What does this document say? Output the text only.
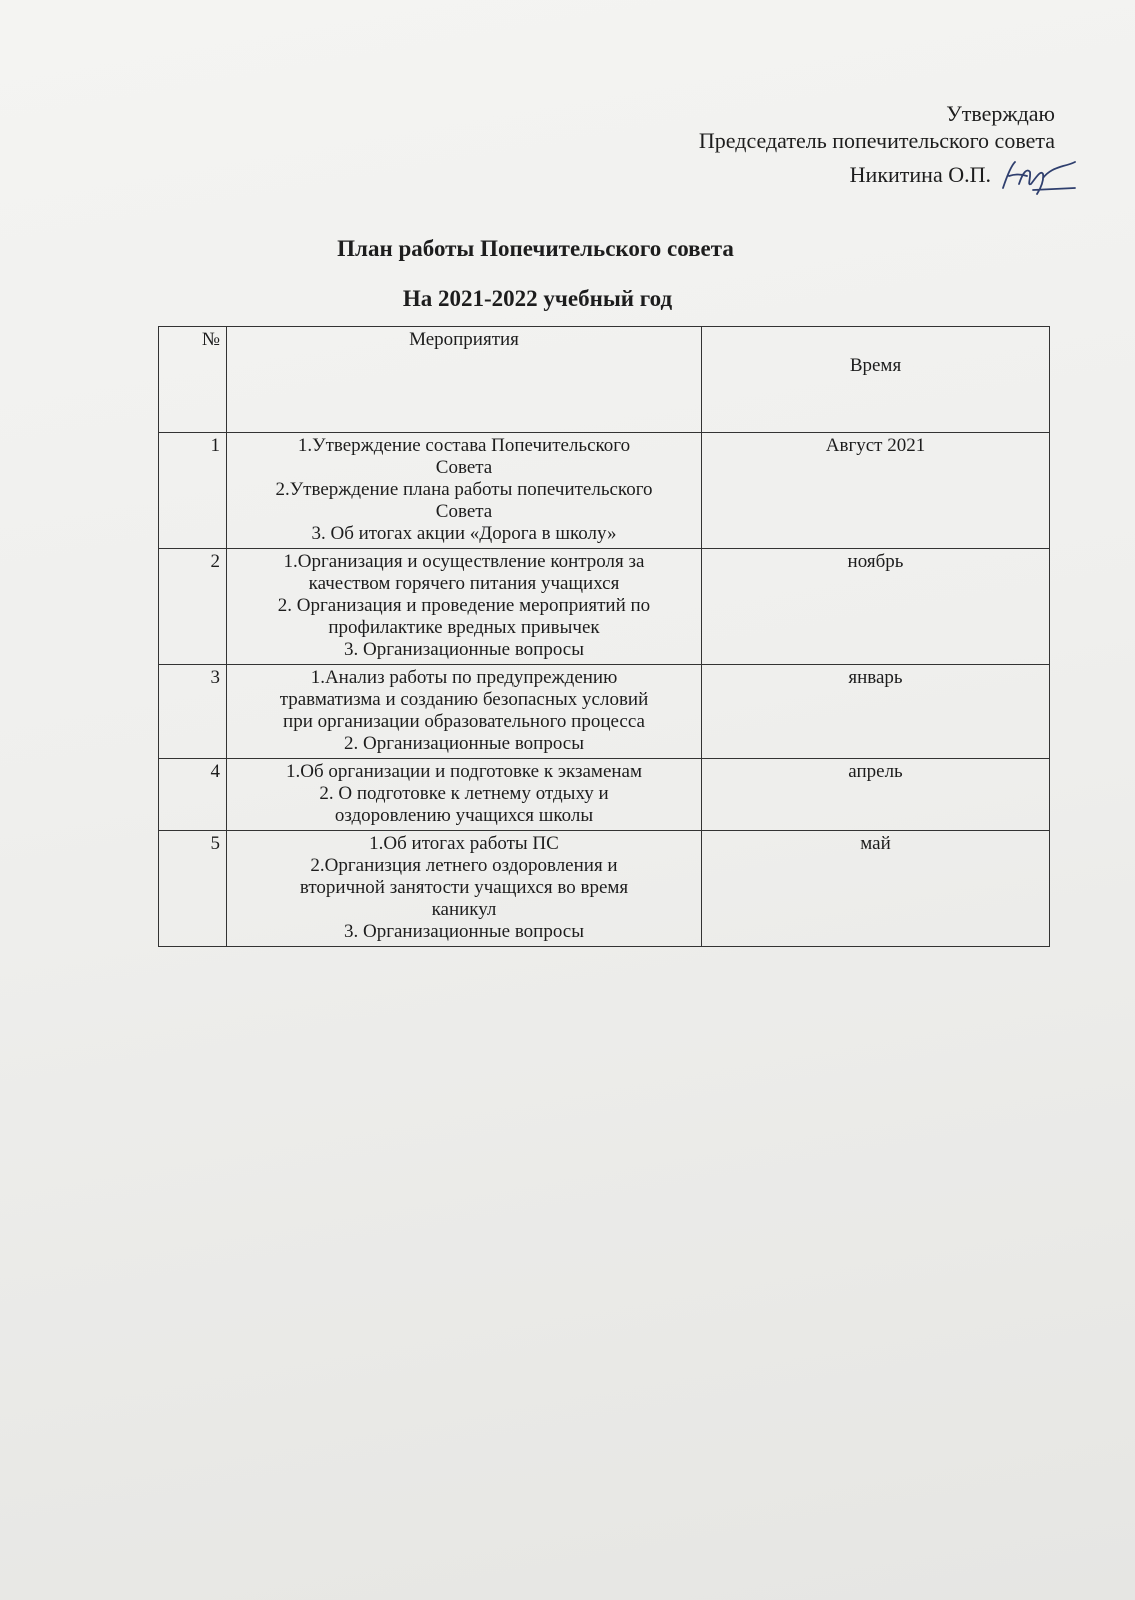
Утверждаю
Председатель попечительского совета
Никитина О.П.
План работы Попечительского совета
На 2021-2022 учебный год
№	Мероприятия	Время
1	1.Утверждение состава Попечительского
Совета
2.Утверждение плана работы попечительского
Совета
3. Об итогах акции «Дорога в школу»	Август 2021
2	1.Организация и осуществление контроля за
качеством горячего питания учащихся
2. Организация и проведение мероприятий по
профилактике вредных привычек
3. Организационные вопросы	ноябрь
3	1.Анализ работы по предупреждению
травматизма и созданию безопасных условий
при организации образовательного процесса
2. Организационные вопросы	январь
4	1.Об организации и подготовке к экзаменам
2. О подготовке к летнему отдыху и
оздоровлению учащихся школы	апрель
5	1.Об итогах работы ПС
2.Организция летнего оздоровления и
вторичной занятости учащихся во время
каникул
3. Организационные вопросы	май
